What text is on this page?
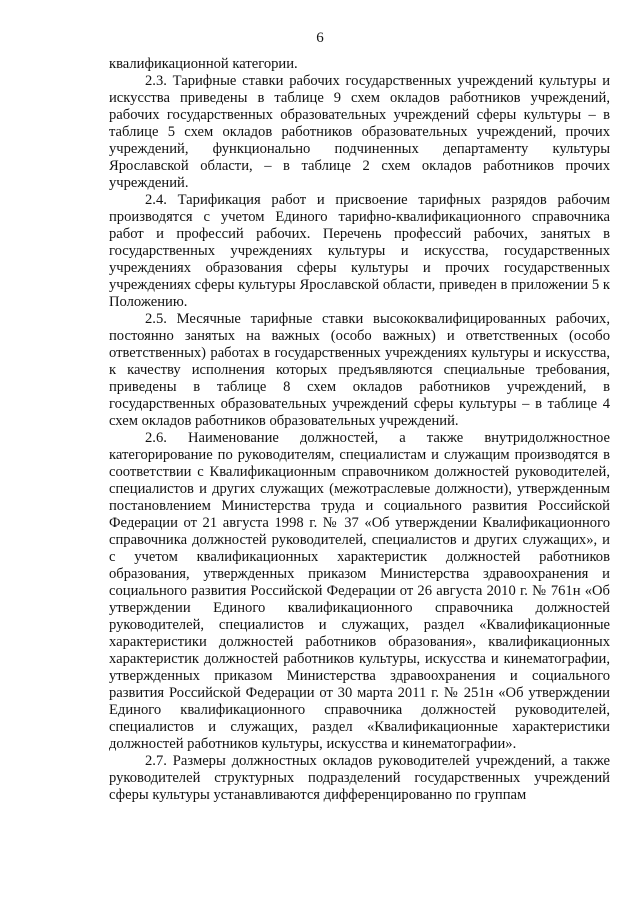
6

квалификационной категории.

2.3. Тарифные ставки рабочих государственных учреждений культуры и искусства приведены в таблице 9 схем окладов работников учреждений, рабочих государственных образовательных учреждений сферы культуры – в таблице 5 схем окладов работников образовательных учреждений, прочих учреждений, функционально подчиненных департаменту культуры Ярославской области, – в таблице 2 схем окладов работников прочих учреждений.

2.4. Тарификация работ и присвоение тарифных разрядов рабочим производятся с учетом Единого тарифно-квалификационного справочника работ и профессий рабочих. Перечень профессий рабочих, занятых в государственных учреждениях культуры и искусства, государственных учреждениях образования сферы культуры и прочих государственных учреждениях сферы культуры Ярославской области, приведен в приложении 5 к Положению.

2.5. Месячные тарифные ставки высококвалифицированных рабочих, постоянно занятых на важных (особо важных) и ответственных (особо ответственных) работах в государственных учреждениях культуры и искусства, к качеству исполнения которых предъявляются специальные требования, приведены в таблице 8 схем окладов работников учреждений, в государственных образовательных учреждений сферы культуры – в таблице 4 схем окладов работников образовательных учреждений.

2.6. Наименование должностей, а также внутридолжностное категорирование по руководителям, специалистам и служащим производятся в соответствии с Квалификационным справочником должностей руководителей, специалистов и других служащих (межотраслевые должности), утвержденным постановлением Министерства труда и социального развития Российской Федерации от 21 августа 1998 г. № 37 «Об утверждении Квалификационного справочника должностей руководителей, специалистов и других служащих», и с учетом квалификационных характеристик должностей работников образования, утвержденных приказом Министерства здравоохранения и социального развития Российской Федерации от 26 августа 2010 г. № 761н «Об утверждении Единого квалификационного справочника должностей руководителей, специалистов и служащих, раздел «Квалификационные характеристики должностей работников образования», квалификационных характеристик должностей работников культуры, искусства и кинематографии, утвержденных приказом Министерства здравоохранения и социального развития Российской Федерации от 30 марта 2011 г. № 251н «Об утверждении Единого квалификационного справочника должностей руководителей, специалистов и служащих, раздел «Квалификационные характеристики должностей работников культуры, искусства и кинематографии».

2.7. Размеры должностных окладов руководителей учреждений, а также руководителей структурных подразделений государственных учреждений сферы культуры устанавливаются дифференцированно по группам
